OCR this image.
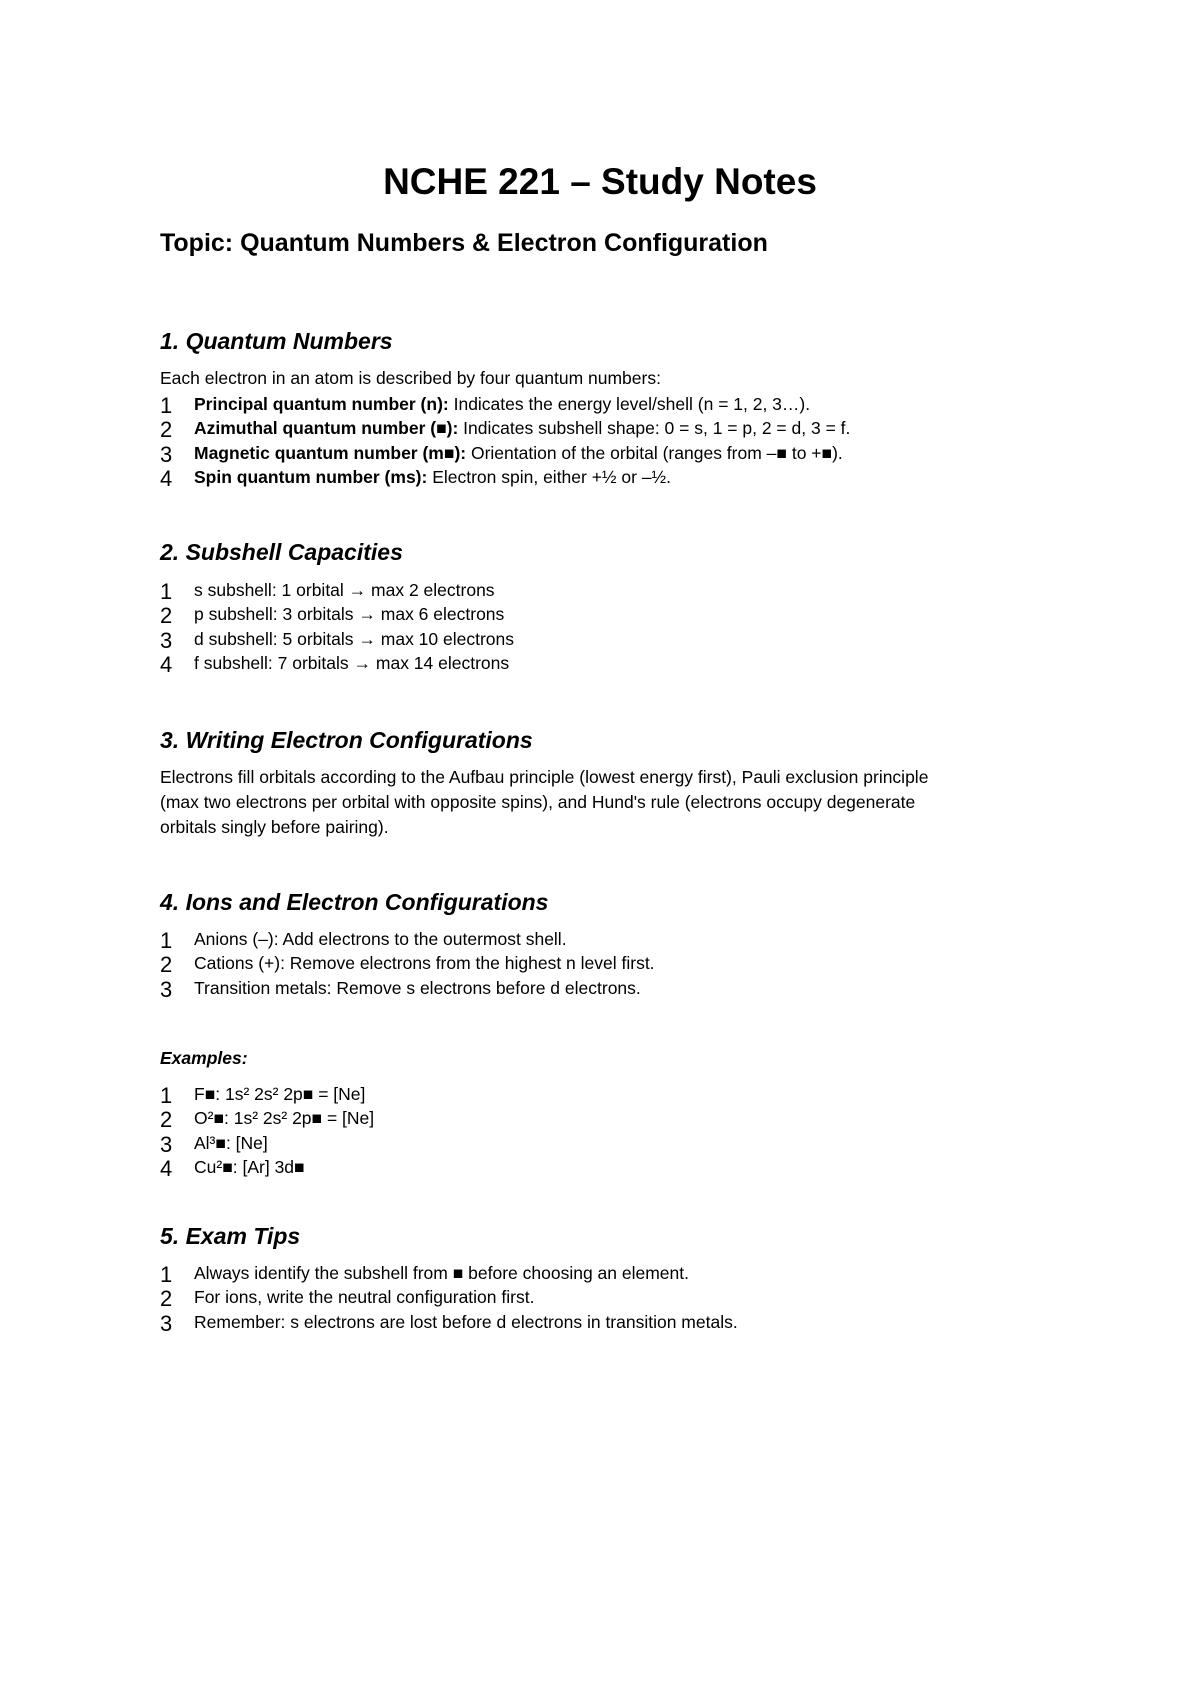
NCHE 221 – Study Notes
Topic: Quantum Numbers & Electron Configuration
1. Quantum Numbers
Each electron in an atom is described by four quantum numbers:
1 Principal quantum number (n): Indicates the energy level/shell (n = 1, 2, 3…).
2 Azimuthal quantum number (■): Indicates subshell shape: 0 = s, 1 = p, 2 = d, 3 = f.
3 Magnetic quantum number (m■): Orientation of the orbital (ranges from –■ to +■).
4 Spin quantum number (ms): Electron spin, either +½ or –½.
2. Subshell Capacities
1 s subshell: 1 orbital → max 2 electrons
2 p subshell: 3 orbitals → max 6 electrons
3 d subshell: 5 orbitals → max 10 electrons
4 f subshell: 7 orbitals → max 14 electrons
3. Writing Electron Configurations
Electrons fill orbitals according to the Aufbau principle (lowest energy first), Pauli exclusion principle
(max two electrons per orbital with opposite spins), and Hund's rule (electrons occupy degenerate
orbitals singly before pairing).
4. Ions and Electron Configurations
1 Anions (–): Add electrons to the outermost shell.
2 Cations (+): Remove electrons from the highest n level first.
3 Transition metals: Remove s electrons before d electrons.
Examples:
1 F■: 1s² 2s² 2p■ = [Ne]
2 O²■: 1s² 2s² 2p■ = [Ne]
3 Al³■: [Ne]
4 Cu²■: [Ar] 3d■
5. Exam Tips
1 Always identify the subshell from ■ before choosing an element.
2 For ions, write the neutral configuration first.
3 Remember: s electrons are lost before d electrons in transition metals.
